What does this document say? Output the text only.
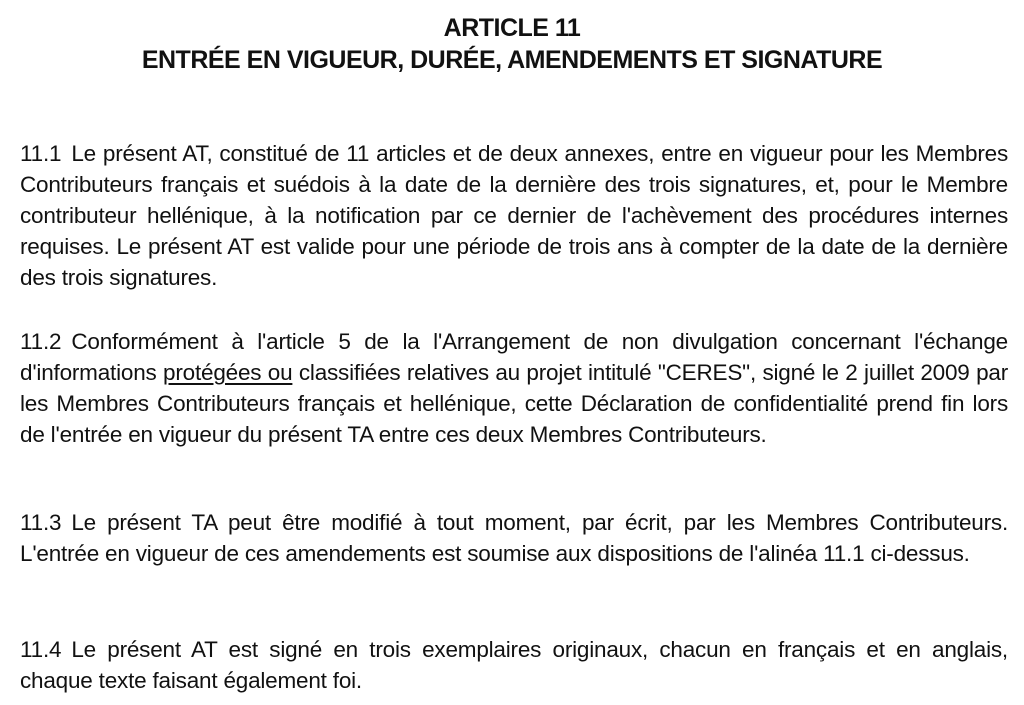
ARTICLE 11
ENTRÉE EN VIGUEUR, DURÉE, AMENDEMENTS ET SIGNATURE
11.1 Le présent AT, constitué de 11 articles et de deux annexes, entre en vigueur pour les Membres Contributeurs français et suédois à la date de la dernière des trois signatures, et, pour le Membre contributeur hellénique, à la notification par ce dernier de l'achèvement des procédures internes requises. Le présent AT est valide pour une période de trois ans à compter de la date de la dernière des trois signatures.
11.2 Conformément à l'article 5 de la l'Arrangement de non divulgation concernant l'échange d'informations protégées ou classifiées relatives au projet intitulé "CERES", signé le 2 juillet 2009 par les Membres Contributeurs français et hellénique, cette Déclaration de confidentialité prend fin lors de l'entrée en vigueur du présent TA entre ces deux Membres Contributeurs.
11.3 Le présent TA peut être modifié à tout moment, par écrit, par les Membres Contributeurs. L'entrée en vigueur de ces amendements est soumise aux dispositions de l'alinéa 11.1 ci-dessus.
11.4 Le présent AT est signé en trois exemplaires originaux, chacun en français et en anglais, chaque texte faisant également foi.
